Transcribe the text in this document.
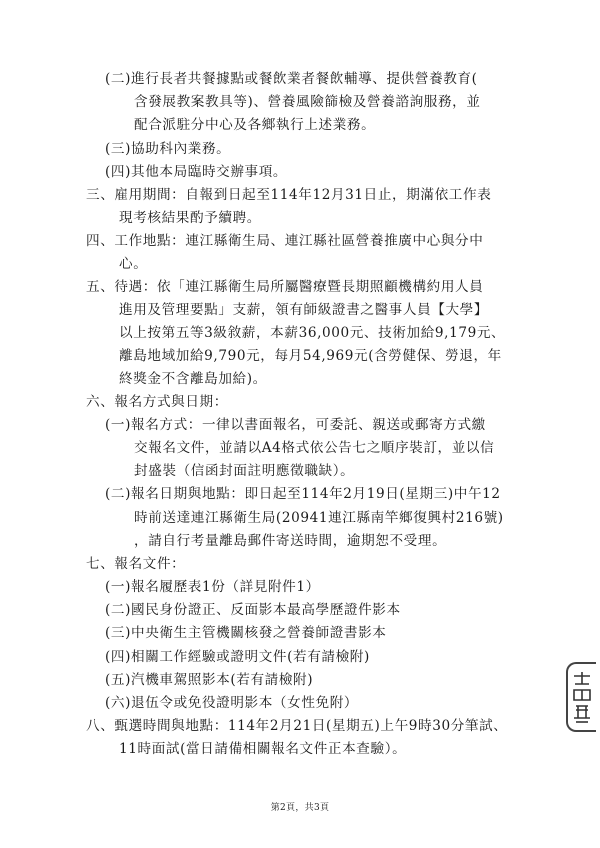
(二)進行長者共餐據點或餐飲業者餐飲輔導、提供營養教育(
含發展教案教具等)、營養風險篩檢及營養諮詢服務，並
配合派駐分中心及各鄉執行上述業務。
(三)協助科內業務。
(四)其他本局臨時交辦事項。
三、雇用期間：自報到日起至114年12月31日止，期滿依工作表
現考核結果酌予續聘。
四、工作地點：連江縣衛生局、連江縣社區營養推廣中心與分中
心。
五、待遇：依「連江縣衛生局所屬醫療暨長期照顧機構約用人員
進用及管理要點」支薪，領有師級證書之醫事人員【大學】
以上按第五等3級敘薪，本薪36,000元、技術加給9,179元、
離島地域加給9,790元，每月54,969元(含勞健保、勞退，年
終獎金不含離島加給)。
六、報名方式與日期：
(一)報名方式：一律以書面報名，可委託、親送或郵寄方式繳
交報名文件，並請以A4格式依公告七之順序裝訂，並以信
封盛裝（信函封面註明應徵職缺）。
(二)報名日期與地點：即日起至114年2月19日(星期三)中午12
時前送達連江縣衛生局(20941連江縣南竿鄉復興村216號)
，請自行考量離島郵件寄送時間，逾期恕不受理。
七、報名文件：
(一)報名履歷表1份（詳見附件1）
(二)國民身份證正、反面影本最高學歷證件影本
(三)中央衛生主管機關核發之營養師證書影本
(四)相關工作經驗或證明文件(若有請檢附)
(五)汽機車駕照影本(若有請檢附)
(六)退伍令或免役證明影本（女性免附）
八、甄選時間與地點：114年2月21日(星期五)上午9時30分筆試、
11時面試(當日請備相關報名文件正本查驗）。
第2頁，共3頁
